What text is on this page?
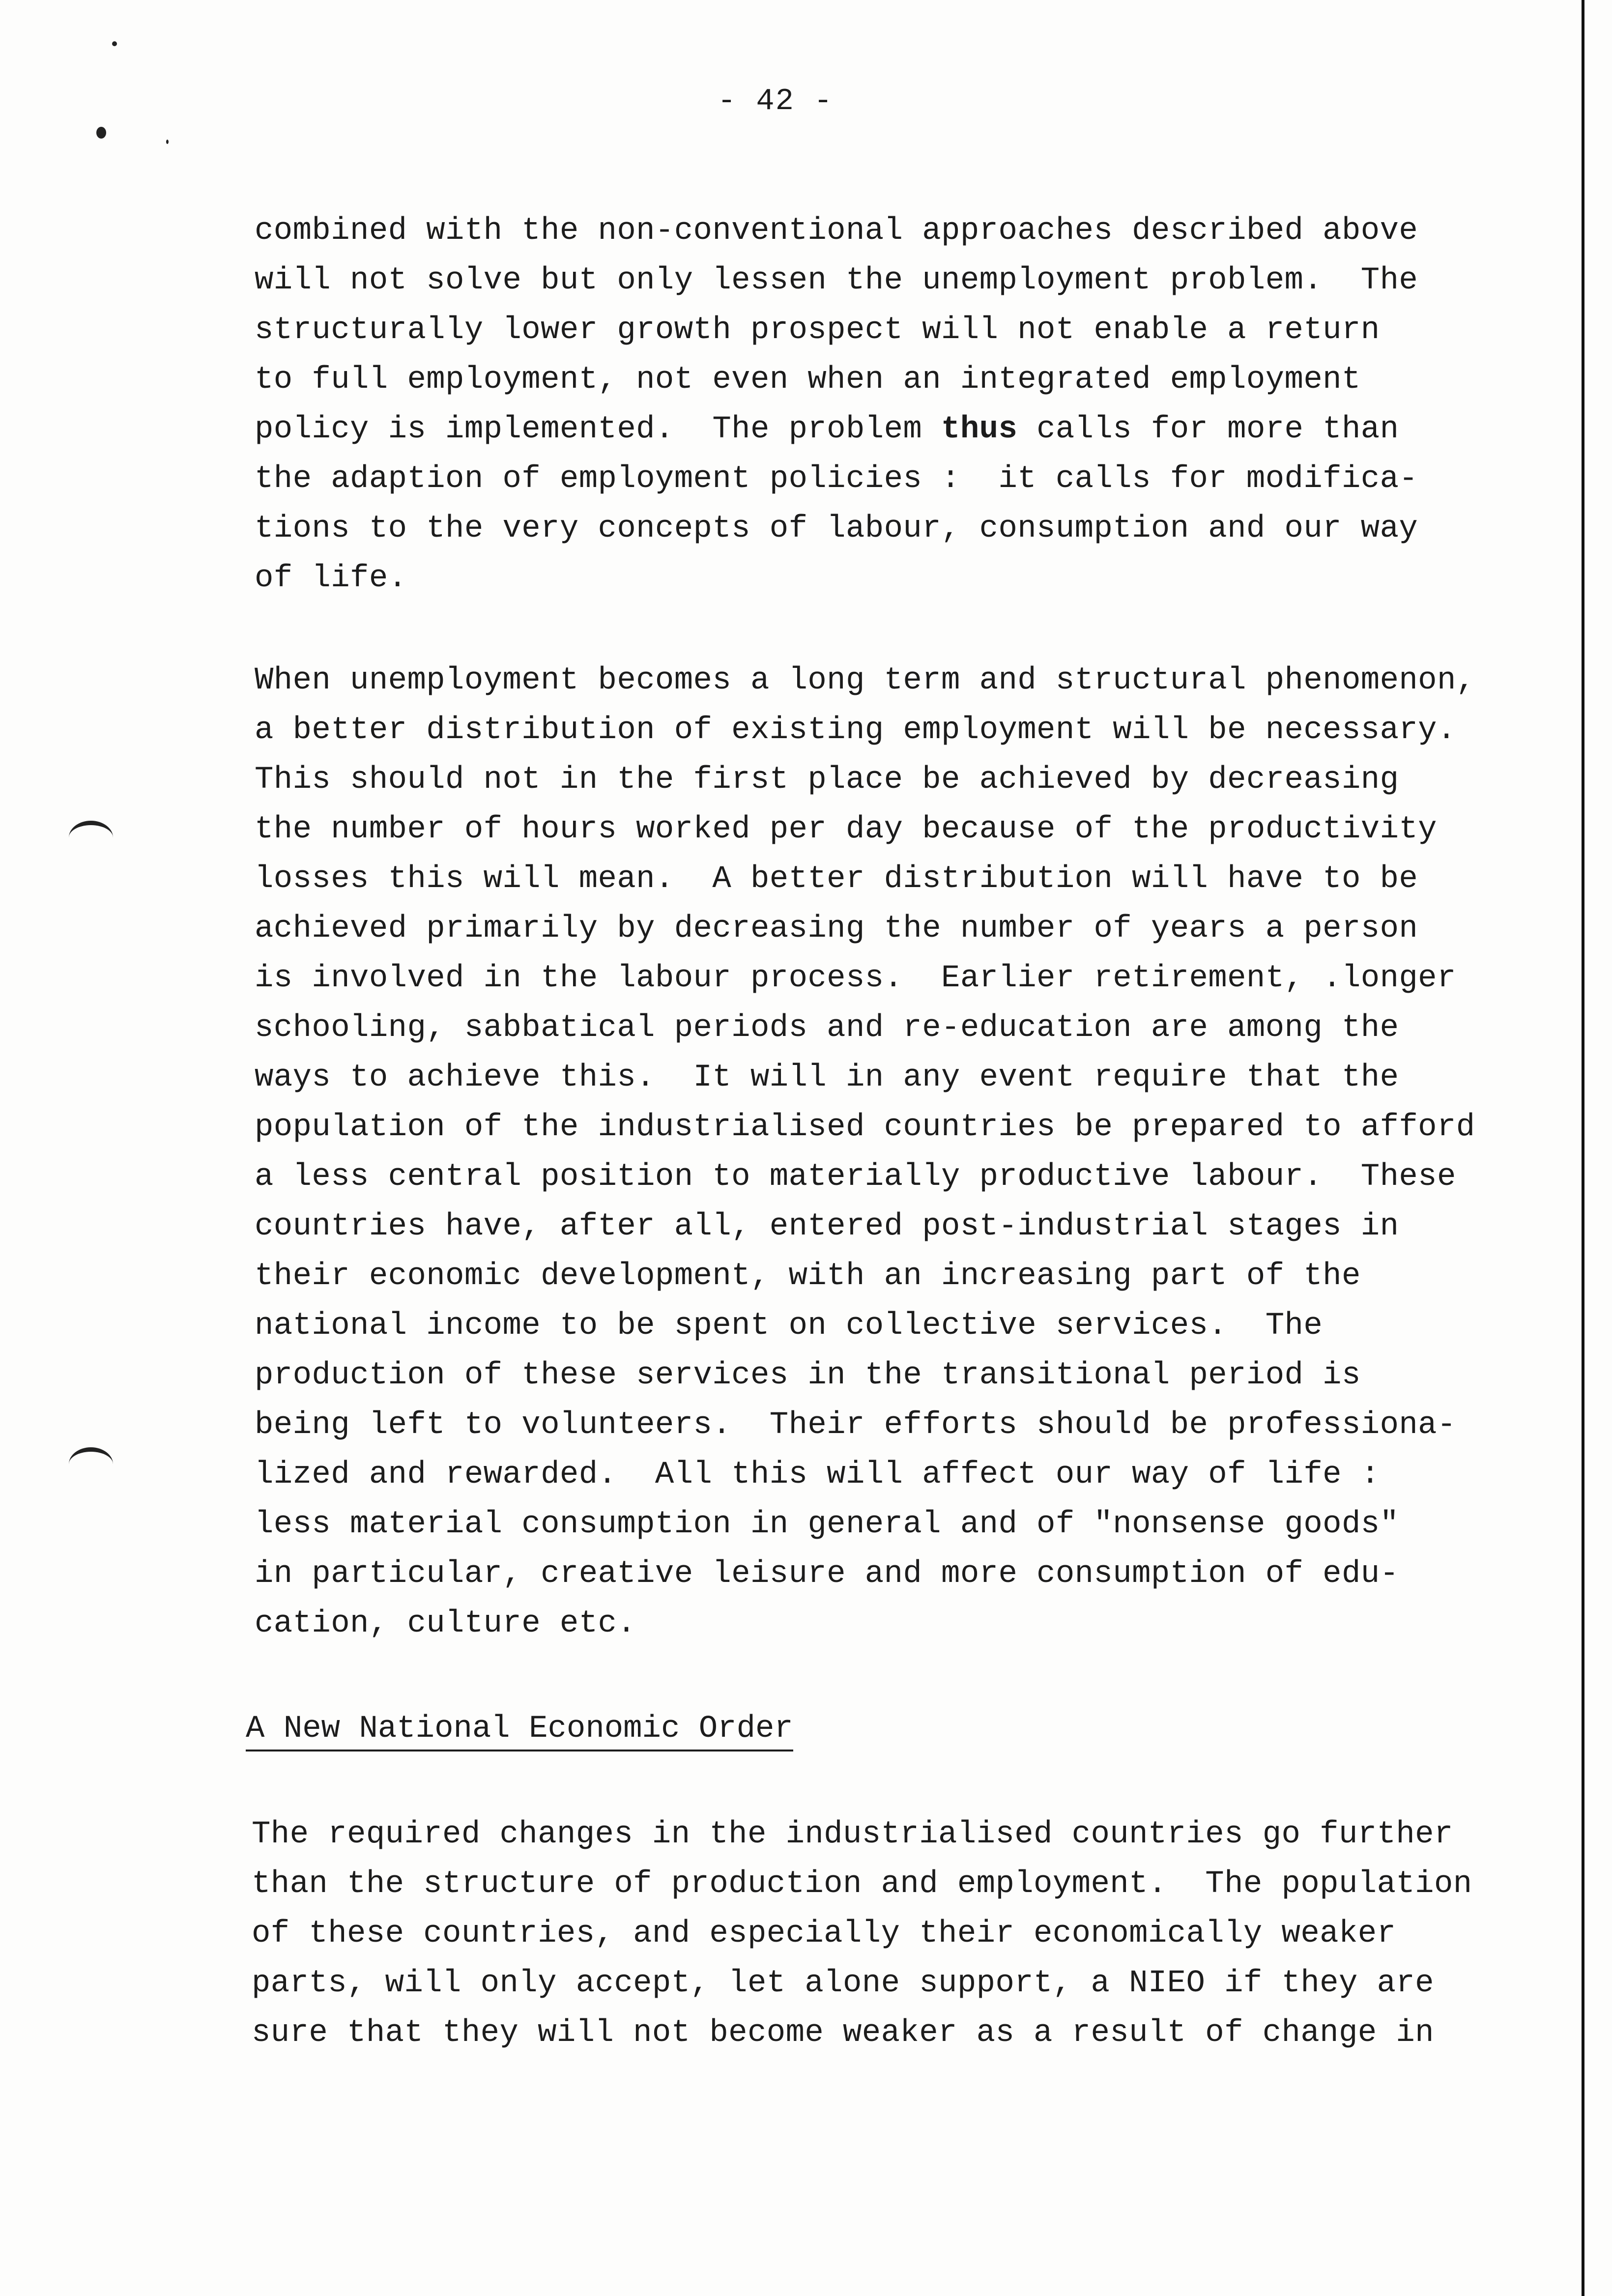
- 42 -
combined with the non-conventional approaches described above
will not solve but only lessen the unemployment problem.  The
structurally lower growth prospect will not enable a return
to full employment, not even when an integrated employment
policy is implemented.  The problem thus calls for more than
the adaption of employment policies :  it calls for modifica-
tions to the very concepts of labour, consumption and our way
of life.
When unemployment becomes a long term and structural phenomenon,
a better distribution of existing employment will be necessary.
This should not in the first place be achieved by decreasing
the number of hours worked per day because of the productivity
losses this will mean.  A better distribution will have to be
achieved primarily by decreasing the number of years a person
is involved in the labour process.  Earlier retirement, .longer
schooling, sabbatical periods and re-education are among the
ways to achieve this.  It will in any event require that the
population of the industrialised countries be prepared to afford
a less central position to materially productive labour.  These
countries have, after all, entered post-industrial stages in
their economic development, with an increasing part of the
national income to be spent on collective services.  The
production of these services in the transitional period is
being left to volunteers.  Their efforts should be professiona-
lized and rewarded.  All this will affect our way of life :
less material consumption in general and of "nonsense goods"
in particular, creative leisure and more consumption of edu-
cation, culture etc.
A New National Economic Order
The required changes in the industrialised countries go further
than the structure of production and employment.  The population
of these countries, and especially their economically weaker
parts, will only accept, let alone support, a NIEO if they are
sure that they will not become weaker as a result of change in
